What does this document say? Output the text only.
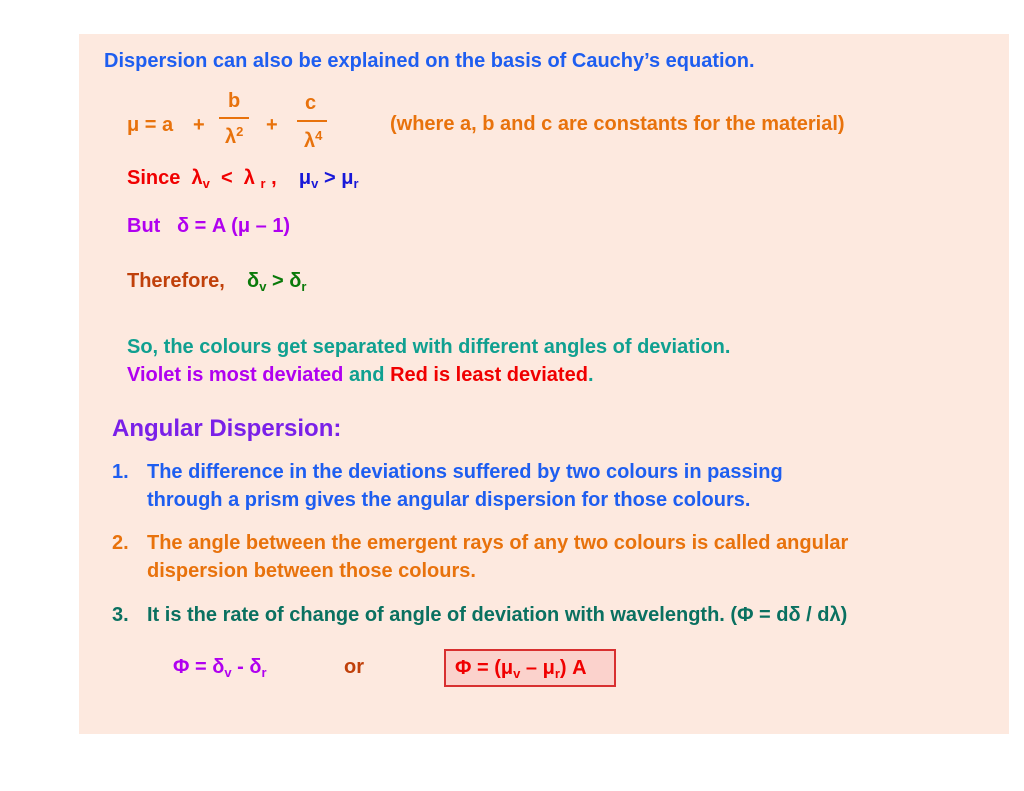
Dispersion can also be explained on the basis of Cauchy’s equation.
μ = a +
b
$\lambda^2$ +
c
$\lambda^4$
(where a, b and c are constants for the material)
Since $\lambda_v < \lambda$ $_r$ , $\mu_v > \mu_r$
But δ = A (μ – 1)
Therefore, $\delta_v > \delta_r$
So, the colours get separated with different angles of deviation.
Violet is most deviated and Red is least deviated.
Angular Dispersion:
1. The difference in the deviations suffered by two colours in passing
through a prism gives the angular dispersion for those colours.
2. The angle between the emergent rays of any two colours is called angular
dispersion between those colours.
3. It is the rate of change of angle of deviation with wavelength. (Φ = dδ / dλ)
$\Phi = \delta_v - \delta_r$	or	$\Phi = (\mu_v - \mu_r)$ A
